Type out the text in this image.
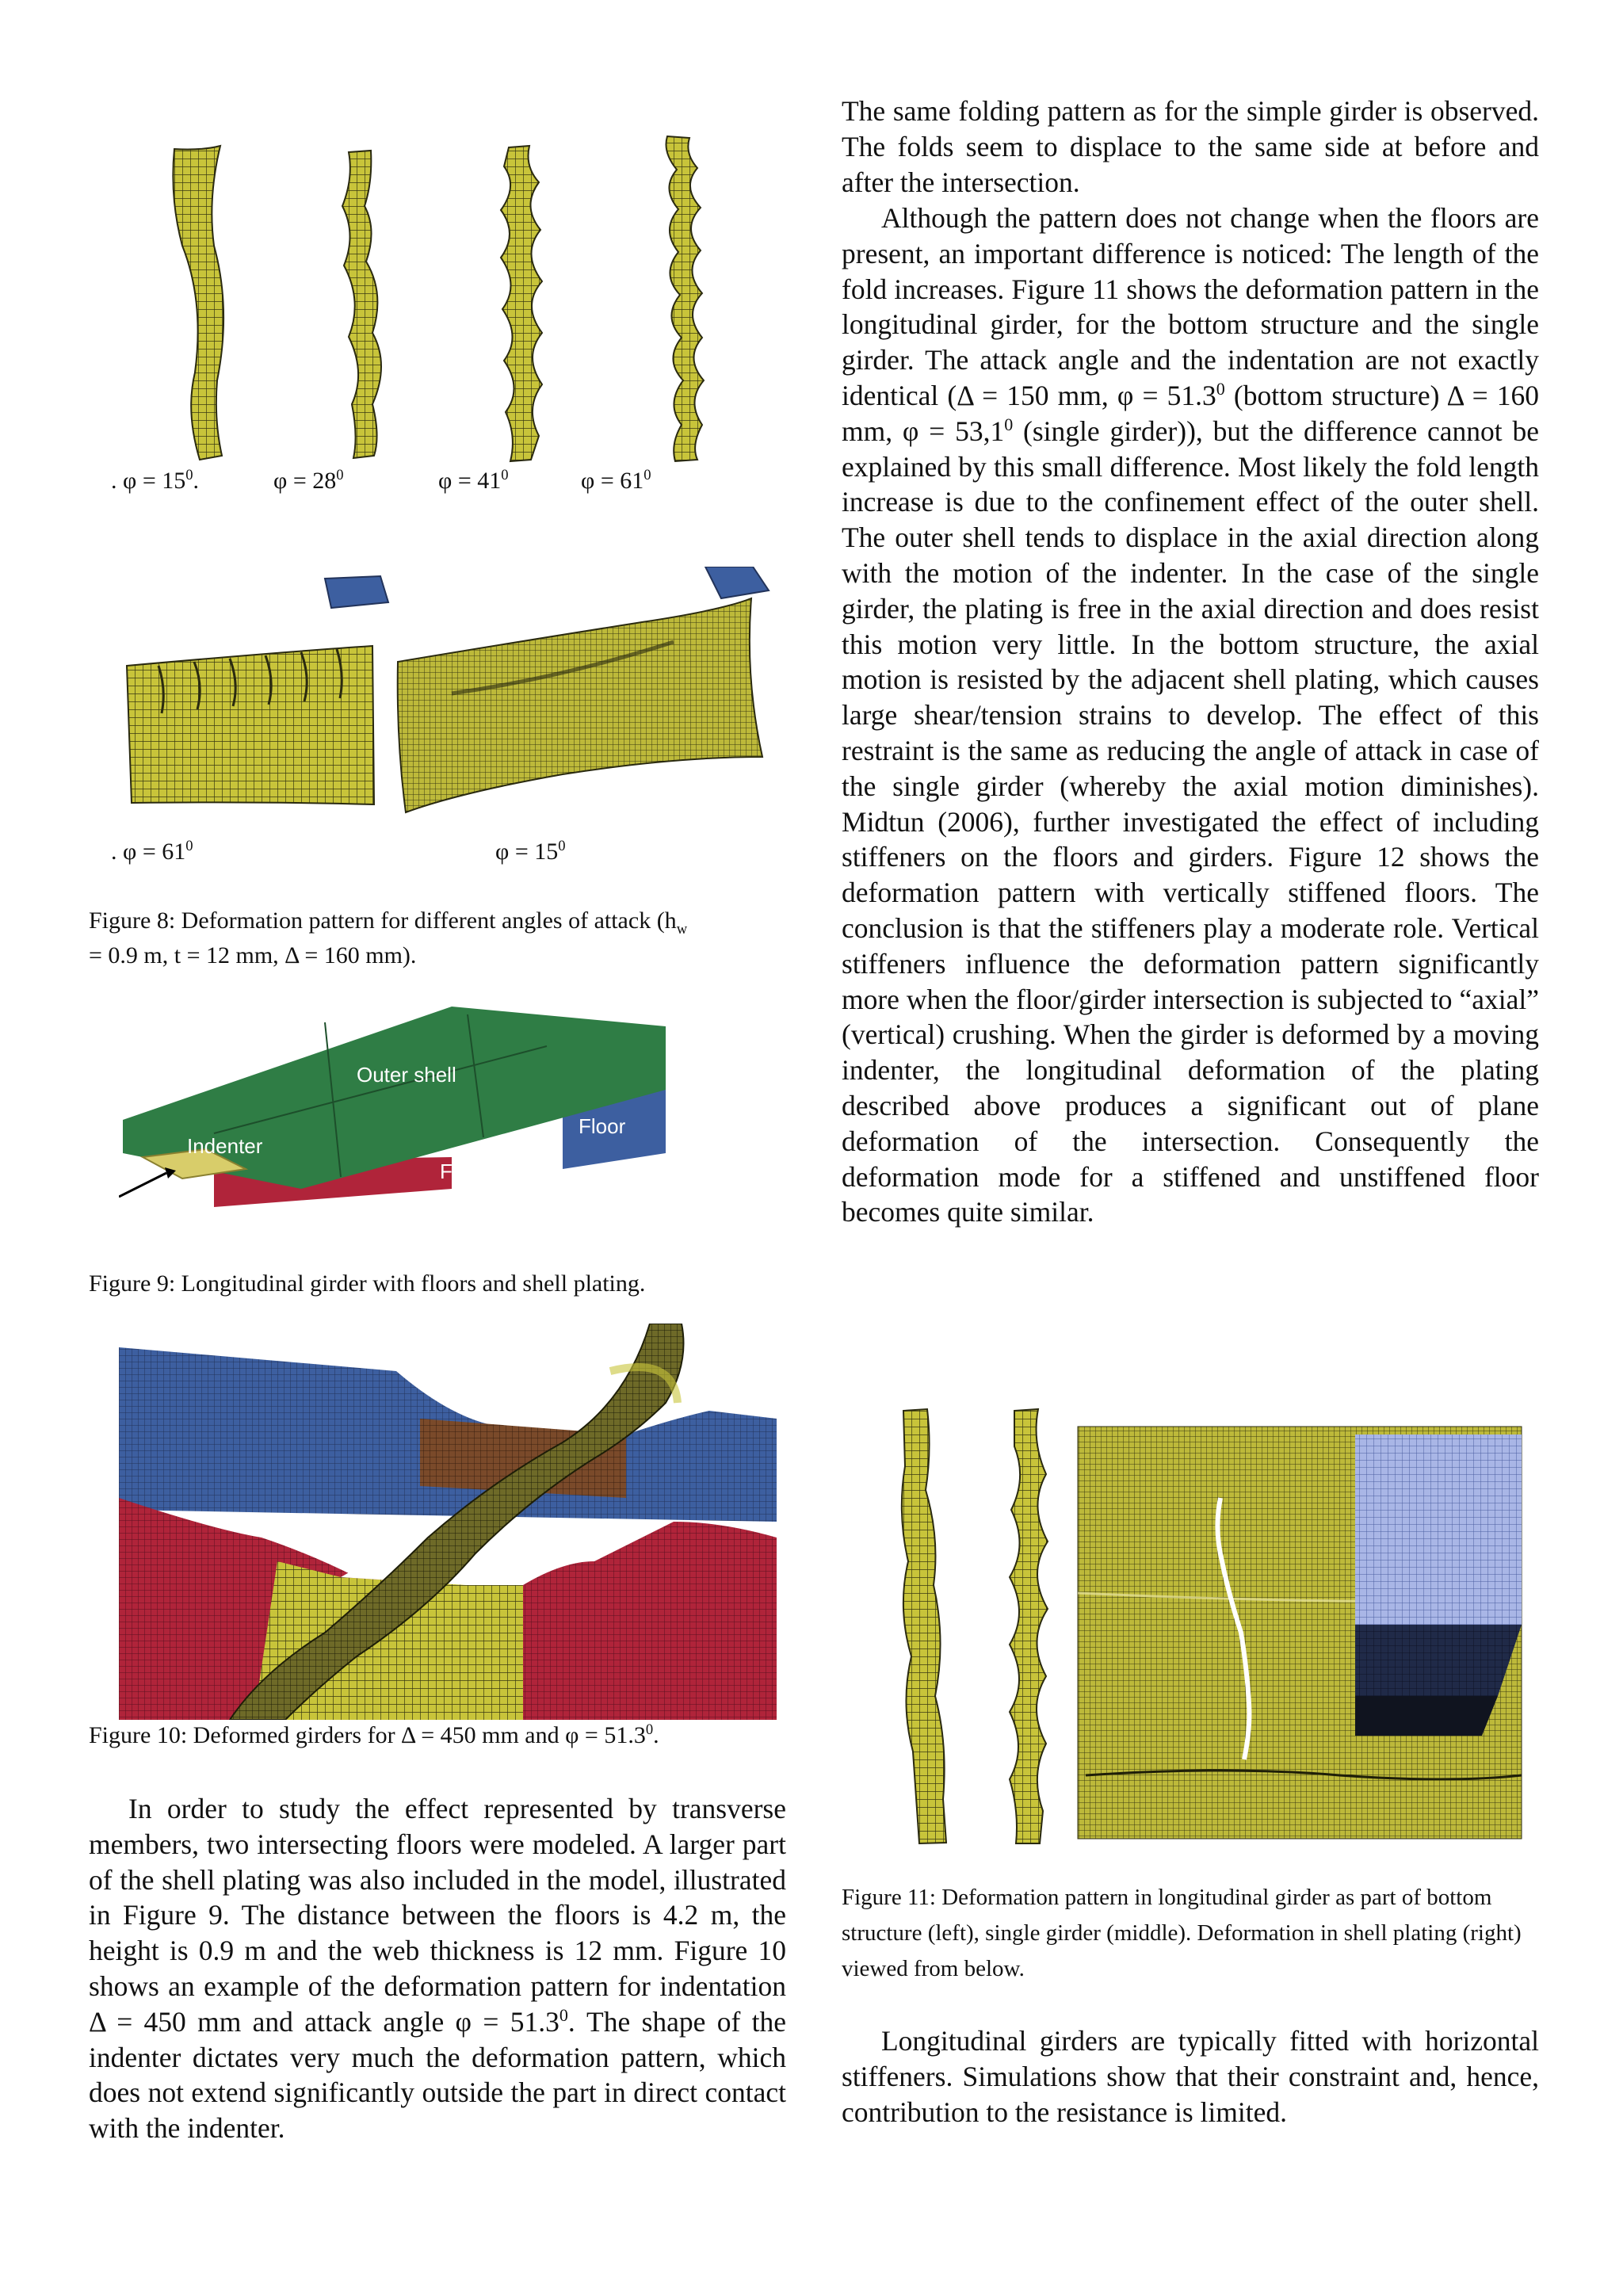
. $\varphi = 15^0$.	$\varphi = 28^0$	$\varphi = 41^0$	$\varphi = 61^0$
. $\varphi = 61^0$	$\varphi = 15^0$
Figure 8: Deformation pattern for different angles of attack ($h_w$
= 0.9 m, t = 12 mm, Δ = 160 mm).
Outer shell
Indenter
Floor
Floor
Figure 9: Longitudinal girder with floors and shell plating.
Figure 10: Deformed girders for Δ = 450 mm and $\varphi = 51.3^0$.

In order to study the effect represented by transverse members, two intersecting floors were modeled. A larger part of the shell plating was also included in the model, illustrated in Figure 9. The distance between the floors is 4.2 m, the height is 0.9 m and the web thickness is 12 mm. Figure 10 shows an example of the deformation pattern for indentation Δ = 450 mm and attack angle $\varphi = 51.3^0$. The shape of the indenter dictates very much the deformation pattern, which does not extend significantly outside the part in direct contact with the indenter.

The same folding pattern as for the simple girder is observed. The folds seem to displace to the same side at before and after the intersection.

Although the pattern does not change when the floors are present, an important difference is noticed: The length of the fold increases. Figure 11 shows the deformation pattern in the longitudinal girder, for the bottom structure and the single girder. The attack angle and the indentation are not exactly identical (Δ = 150 mm, $\varphi = 51.3^0$ (bottom structure) Δ = 160 mm, $\varphi = 53,1^0$ (single girder)), but the difference cannot be explained by this small difference. Most likely the fold length increase is due to the confinement effect of the outer shell. The outer shell tends to displace in the axial direction along with the motion of the indenter. In the case of the single girder, the plating is free in the axial direction and does resist this motion very little. In the bottom structure, the axial motion is resisted by the adjacent shell plating, which causes large shear/tension strains to develop. The effect of this restraint is the same as reducing the angle of attack in case of the single girder (whereby the axial motion diminishes). Midtun (2006), further investigated the effect of including stiffeners on the floors and girders. Figure 12 shows the deformation pattern with vertically stiffened floors. The conclusion is that the stiffeners play a moderate role. Vertical stiffeners influence the deformation pattern significantly more when the floor/girder intersection is subjected to “axial” (vertical) crushing. When the girder is deformed by a moving indenter, the longitudinal deformation of the plating described above produces a significant out of plane deformation of the intersection. Consequently the deformation mode for a stiffened and unstiffened floor becomes quite similar.

Figure 11: Deformation pattern in longitudinal girder as part of bottom structure (left), single girder (middle). Deformation in shell plating (right) viewed from below.

Longitudinal girders are typically fitted with horizontal stiffeners. Simulations show that their constraint and, hence, contribution to the resistance is limited.
